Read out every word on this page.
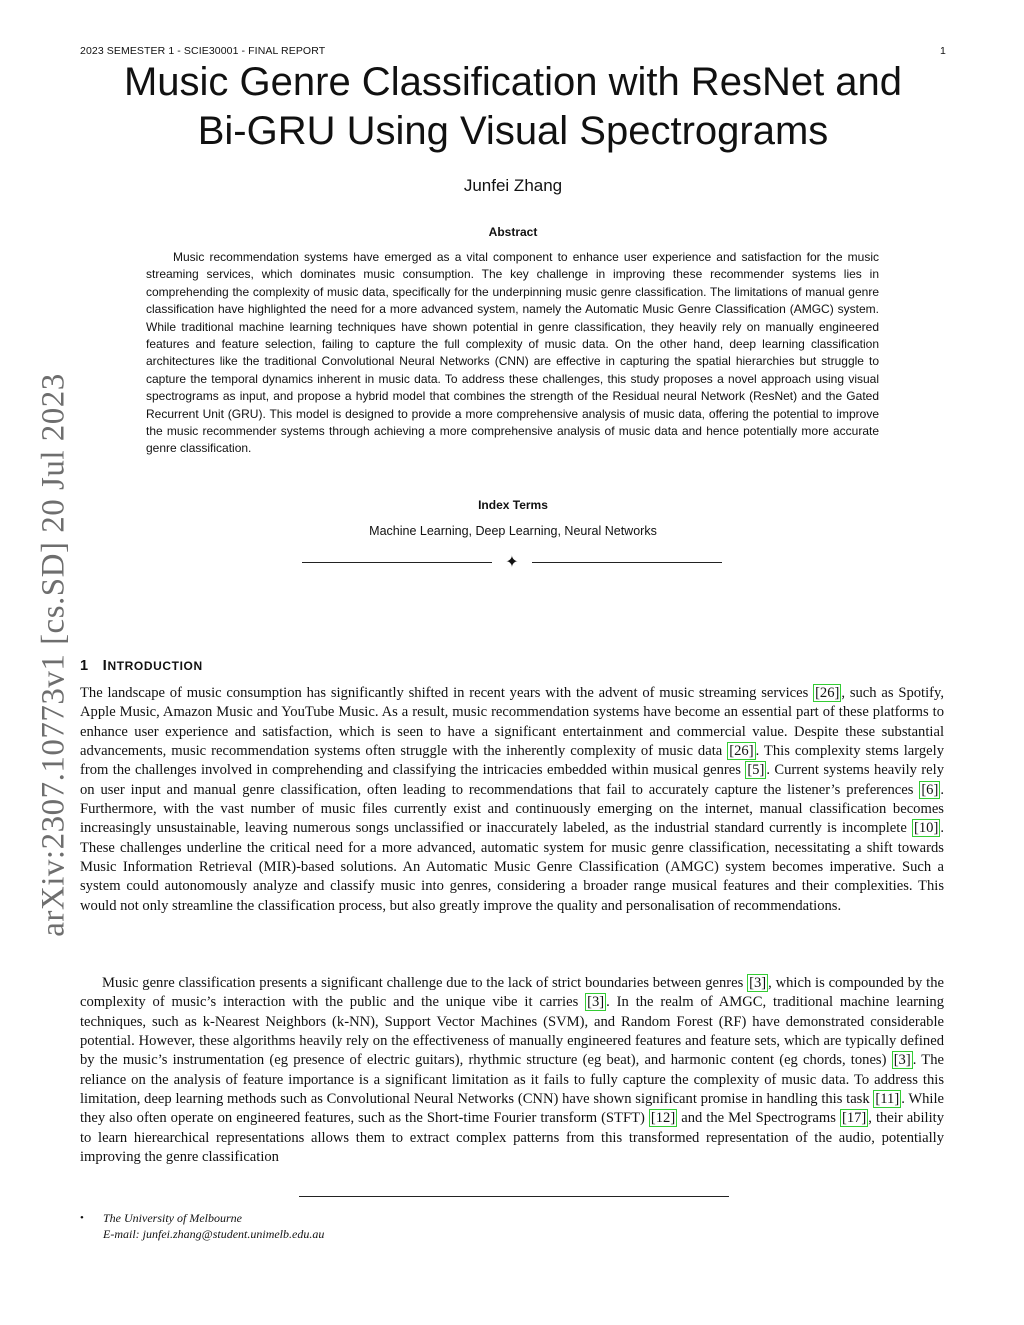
2023 SEMESTER 1 - SCIE30001 - FINAL REPORT	1
arXiv:2307.10773v1 [cs.SD] 20 Jul 2023
Music Genre Classification with ResNet and
Bi-GRU Using Visual Spectrograms
Junfei Zhang
Abstract

Music recommendation systems have emerged as a vital component to enhance user experience and satisfaction for the music streaming services, which dominates music consumption. The key challenge in improving these recommender systems lies in comprehending the complexity of music data, specifically for the underpinning music genre classification. The limitations of manual genre classification have highlighted the need for a more advanced system, namely the Automatic Music Genre Classification (AMGC) system. While traditional machine learning techniques have shown potential in genre classification, they heavily rely on manually engineered features and feature selection, failing to capture the full complexity of music data. On the other hand, deep learning classification architectures like the traditional Convolutional Neural Networks (CNN) are effective in capturing the spatial hierarchies but struggle to capture the temporal dynamics inherent in music data. To address these challenges, this study proposes a novel approach using visual spectrograms as input, and propose a hybrid model that combines the strength of the Residual neural Network (ResNet) and the Gated Recurrent Unit (GRU). This model is designed to provide a more comprehensive analysis of music data, offering the potential to improve the music recommender systems through achieving a more comprehensive analysis of music data and hence potentially more accurate genre classification.

Index Terms
Machine Learning, Deep Learning, Neural Networks
✦
1 INTRODUCTION

The landscape of music consumption has significantly shifted in recent years with the advent of music streaming services [26] , such as Spotify, Apple Music, Amazon Music and YouTube Music. As a result, music recommendation systems have become an essential part of these platforms to enhance user experience and satisfaction, which is seen to have a significant entertainment and commercial value. Despite these substantial advancements, music recommendation systems often struggle with the inherently complexity of music data [26] . This complexity stems largely from the challenges involved in comprehending and classifying the intricacies embedded within musical genres [5] . Current systems heavily rely on user input and manual genre classification, often leading to recommendations that fail to accurately capture the listener’s preferences [6] . Furthermore, with the vast number of music files currently exist and continuously emerging on the internet, manual classification becomes increasingly unsustainable, leaving numerous songs unclassified or inaccurately labeled, as the industrial standard currently is incomplete [10] . These challenges underline the critical need for a more advanced, automatic system for music genre classification, necessitating a shift towards Music Information Retrieval (MIR)-based solutions. An Automatic Music Genre Classification (AMGC) system becomes imperative. Such a system could autonomously analyze and classify music into genres, considering a broader range musical features and their complexities. This would not only streamline the classification process, but also greatly improve the quality and personalisation of recommendations.

Music genre classification presents a significant challenge due to the lack of strict boundaries between genres [3] , which is compounded by the complexity of music’s interaction with the public and the unique vibe it carries [3] . In the realm of AMGC, traditional machine learning techniques, such as k-Nearest Neighbors (k-NN), Support Vector Machines (SVM), and Random Forest (RF) have demonstrated considerable potential. However, these algorithms heavily rely on the effectiveness of manually engineered features and feature sets, which are typically defined by the music’s instrumentation (eg presence of electric guitars), rhythmic structure (eg beat), and harmonic content (eg chords, tones) [3] . The reliance on the analysis of feature importance is a significant limitation as it fails to fully capture the complexity of music data. To address this limitation, deep learning methods such as Convolutional Neural Networks (CNN) have shown significant promise in handling this task [11] . While they also often operate on engineered features, such as the Short-time Fourier transform (STFT) [12] and the Mel Spectrograms [17] , their ability to learn hierearchical representations allows them to extract complex patterns from this transformed representation of the audio, potentially improving the genre classification

•	The University of Melbourne
E-mail: junfei.zhang@student.unimelb.edu.au
